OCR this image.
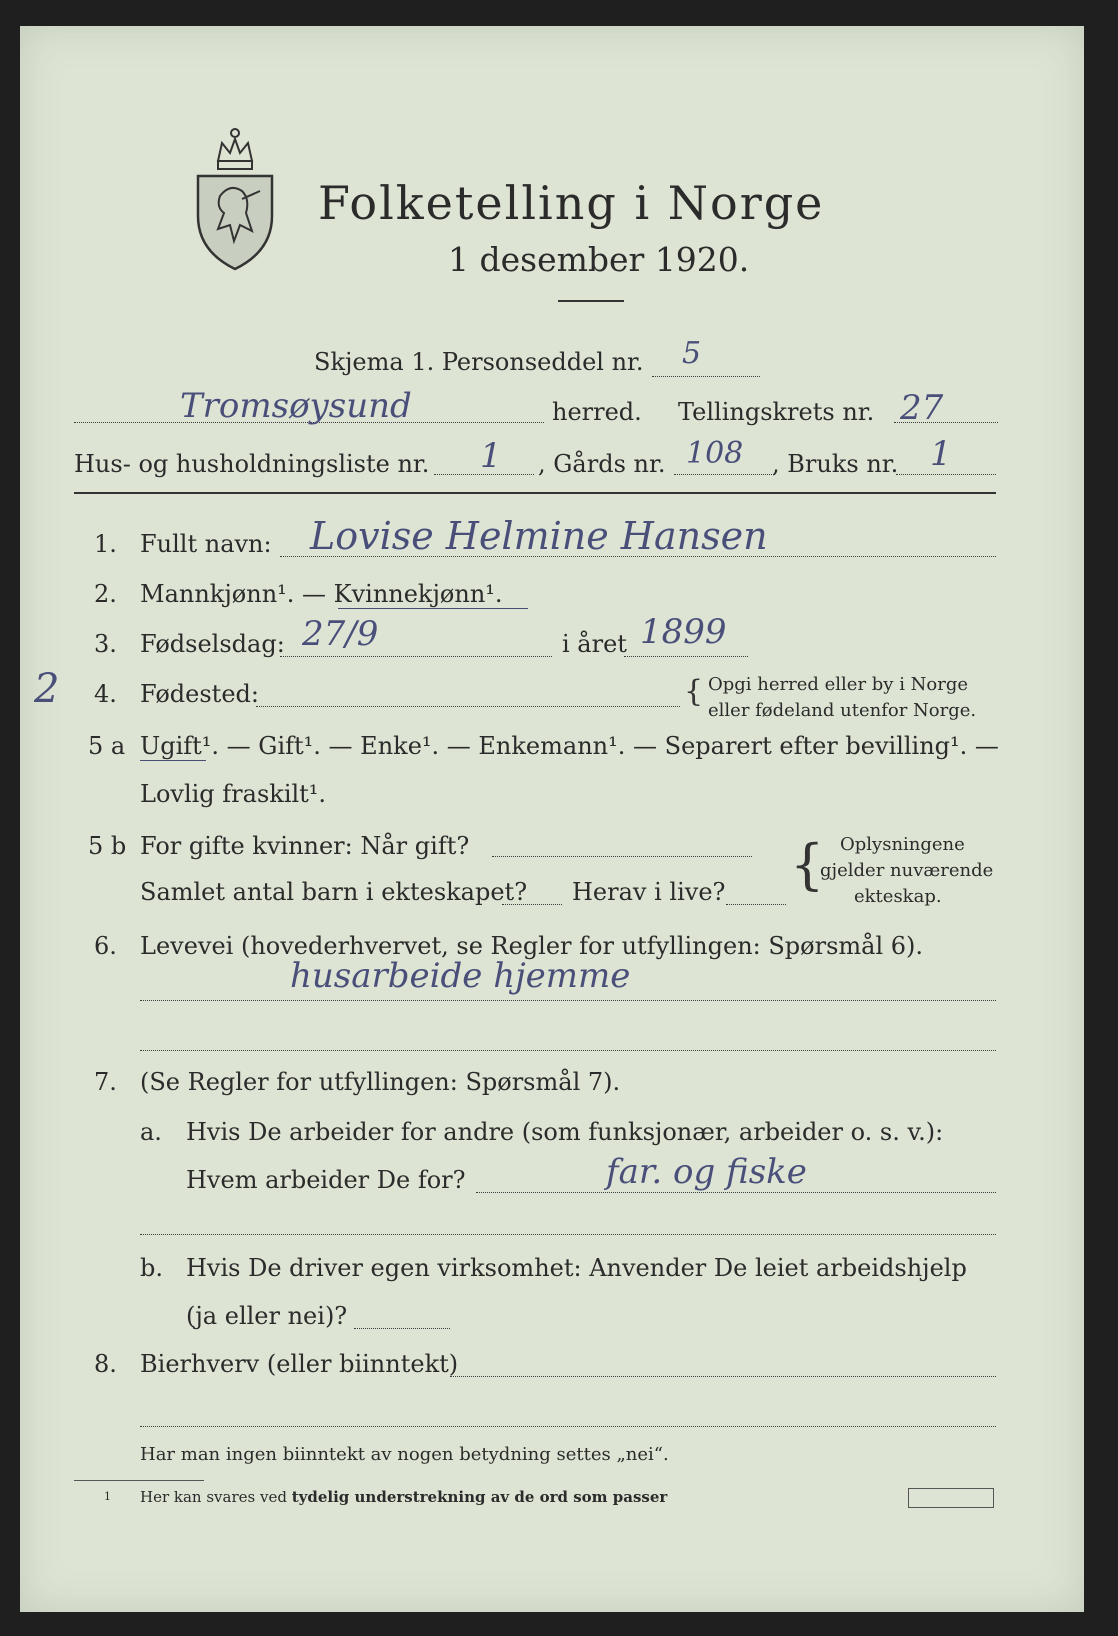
Folketelling i Norge
1 desember 1920.
Skjema 1. Personseddel nr. 5
Tromsøysund	herred. Tellingskrets nr. 27
Hus- og husholdningsliste nr. 1 , Gårds nr. 108 , Bruks nr. 1
1. Fullt navn: Lovise Helmine Hansen
2. Mannkjønn¹. — Kvinnekjønn¹.
3. Fødselsdag: 27/9	i året 1899
2 4. Fødested:	{ Opgi herred eller by i Norge
eller fødeland utenfor Norge.
5 a Ugift¹. — Gift¹. — Enke¹. — Enkemann¹. — Separert efter bevilling¹. —
Lovlig fraskilt¹.
5 b For gifte kvinner: Når gift?
Samlet antal barn i ekteskapet? Herav i live? { Oplysningene
gjelder nuværende
ekteskap.
6. Levevei (hovederhvervet, se Regler for utfyllingen: Spørsmål 6).
husarbeide hjemme
7. (Se Regler for utfyllingen: Spørsmål 7).
a. Hvis De arbeider for andre (som funksjonær, arbeider o. s. v.):
Hvem arbeider De for?	far. og fiske
b. Hvis De driver egen virksomhet: Anvender De leiet arbeidshjelp
(ja eller nei)?
8. Bierhverv (eller biinntekt)
Har man ingen biinntekt av nogen betydning settes „nei“.
1 Her kan svares ved tydelig understrekning av de ord som passer
